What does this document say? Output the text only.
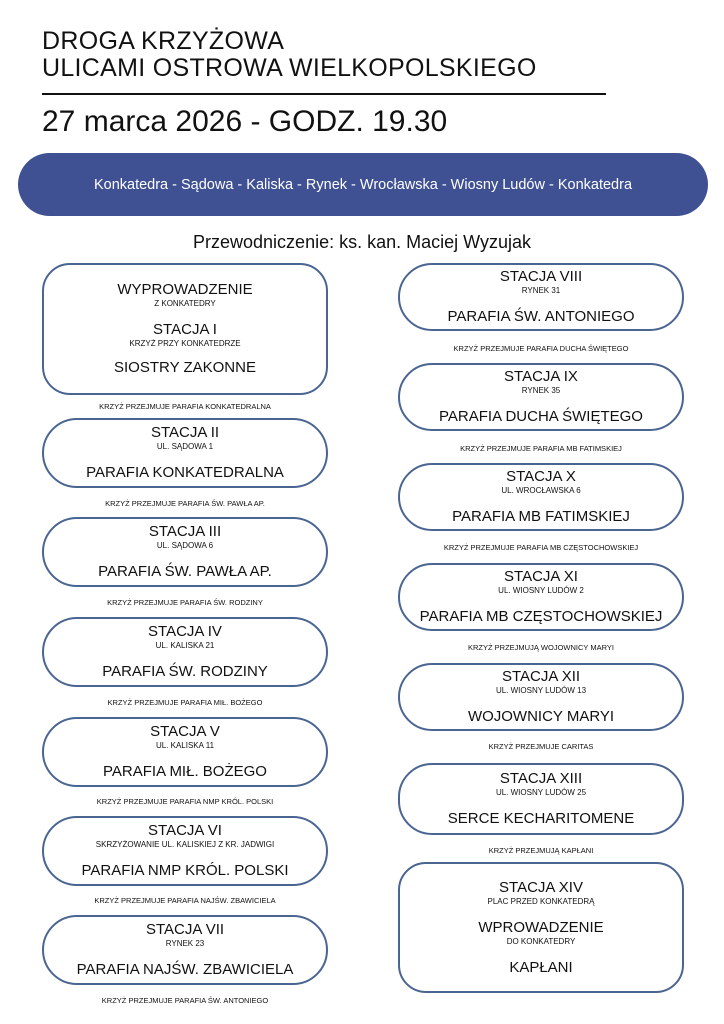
DROGA KRZYŻOWA
ULICAMI OSTROWA WIELKOPOLSKIEGO
27 marca 2026 - GODZ. 19.30
Konkatedra - Sądowa - Kaliska - Rynek - Wrocławska - Wiosny Ludów - Konkatedra
Przewodniczenie: ks. kan. Maciej Wyzujak
WYPROWADZENIE
Z KONKATEDRY
STACJA I
KRZYŻ PRZY KONKATEDRZE
SIOSTRY ZAKONNE
KRZYŻ PRZEJMUJE PARAFIA KONKATEDRALNA
STACJA II
UL. SĄDOWA 1
PARAFIA KONKATEDRALNA
KRZYŻ PRZEJMUJE PARAFIA ŚW. PAWŁA AP.
STACJA III
UL. SĄDOWA 6
PARAFIA ŚW. PAWŁA AP.
KRZYŻ PRZEJMUJE PARAFIA ŚW. RODZINY
STACJA IV
UL. KALISKA 21
PARAFIA ŚW. RODZINY
KRZYŻ PRZEJMUJE PARAFIA MIŁ. BOŻEGO
STACJA V
UL. KALISKA 11
PARAFIA MIŁ. BOŻEGO
KRZYŻ PRZEJMUJE PARAFIA NMP KRÓL. POLSKI
STACJA VI
SKRZYŻOWANIE UL. KALISKIEJ Z KR. JADWIGI
PARAFIA NMP KRÓL. POLSKI
KRZYŻ PRZEJMUJE PARAFIA NAJŚW. ZBAWICIELA
STACJA VII
RYNEK 23
PARAFIA NAJŚW. ZBAWICIELA
KRZYŻ PRZEJMUJE PARAFIA ŚW. ANTONIEGO
STACJA VIII
RYNEK 31
PARAFIA ŚW. ANTONIEGO
KRZYŻ PRZEJMUJE PARAFIA DUCHA ŚWIĘTEGO
STACJA IX
RYNEK 35
PARAFIA DUCHA ŚWIĘTEGO
KRZYŻ PRZEJMUJE PARAFIA MB FATIMSKIEJ
STACJA X
UL. WROCŁAWSKA 6
PARAFIA MB FATIMSKIEJ
KRZYŻ PRZEJMUJE PARAFIA MB CZĘSTOCHOWSKIEJ
STACJA XI
UL. WIOSNY LUDÓW 2
PARAFIA MB CZĘSTOCHOWSKIEJ
KRZYŻ PRZEJMUJĄ WOJOWNICY MARYI
STACJA XII
UL. WIOSNY LUDÓW 13
WOJOWNICY MARYI
KRZYŻ PRZEJMUJE CARITAS
STACJA XIII
UL. WIOSNY LUDÓW 25
SERCE KECHARITOMENE
KRZYŻ PRZEJMUJĄ KAPŁANI
STACJA XIV
PLAC PRZED KONKATEDRĄ
WPROWADZENIE
DO KONKATEDRY
KAPŁANI
